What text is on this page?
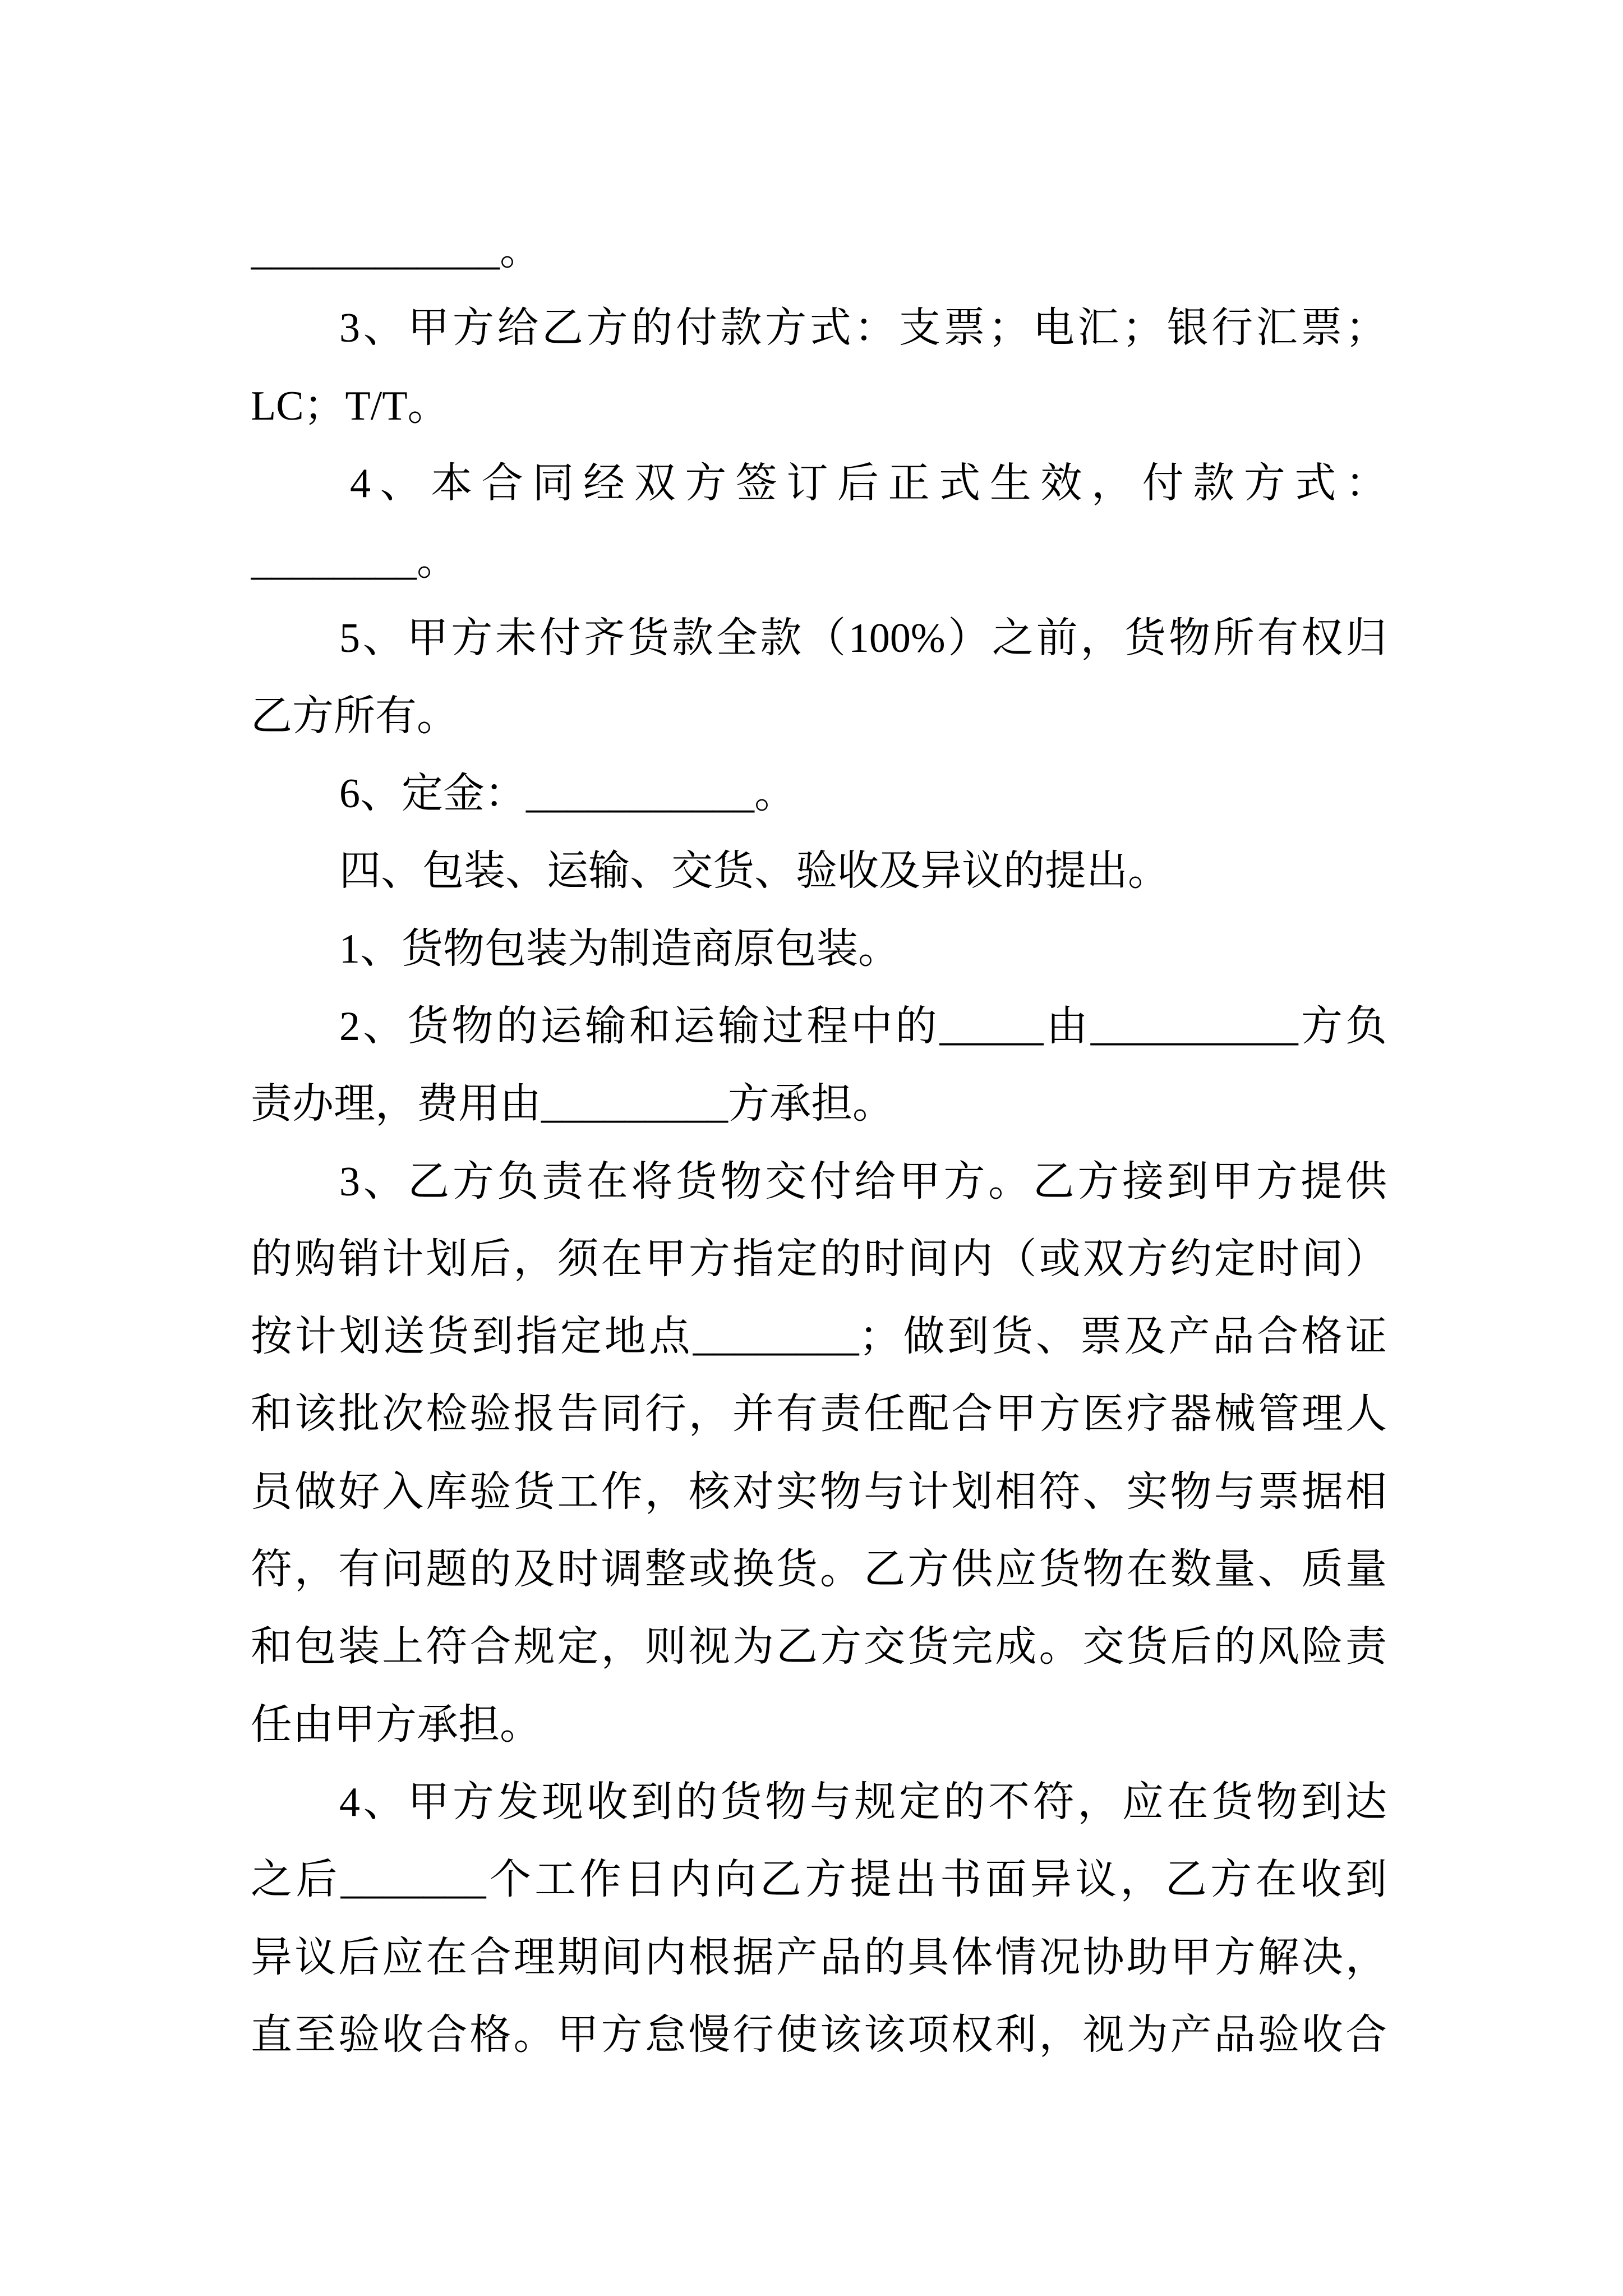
____________。
3、甲方给乙方的付款方式：支票；电汇；银行汇票；
LC；T/T。
4、本合同经双方签订后正式生效，付款方式：
________。
5、甲方未付齐货款全款（100%）之前，货物所有权归
乙方所有。
6、定金：___________。
四、包装、运输、交货、验收及异议的提出。
1、货物包装为制造商原包装。
2、货物的运输和运输过程中的_____由__________方负
责办理，费用由_________方承担。
3、乙方负责在将货物交付给甲方。乙方接到甲方提供
的购销计划后，须在甲方指定的时间内（或双方约定时间）
按计划送货到指定地点________；做到货、票及产品合格证
和该批次检验报告同行，并有责任配合甲方医疗器械管理人
员做好入库验货工作，核对实物与计划相符、实物与票据相
符，有问题的及时调整或换货。乙方供应货物在数量、质量
和包装上符合规定，则视为乙方交货完成。交货后的风险责
任由甲方承担。
4、甲方发现收到的货物与规定的不符，应在货物到达
之后_______个工作日内向乙方提出书面异议，乙方在收到
异议后应在合理期间内根据产品的具体情况协助甲方解决，
直至验收合格。甲方怠慢行使该该项权利，视为产品验收合
